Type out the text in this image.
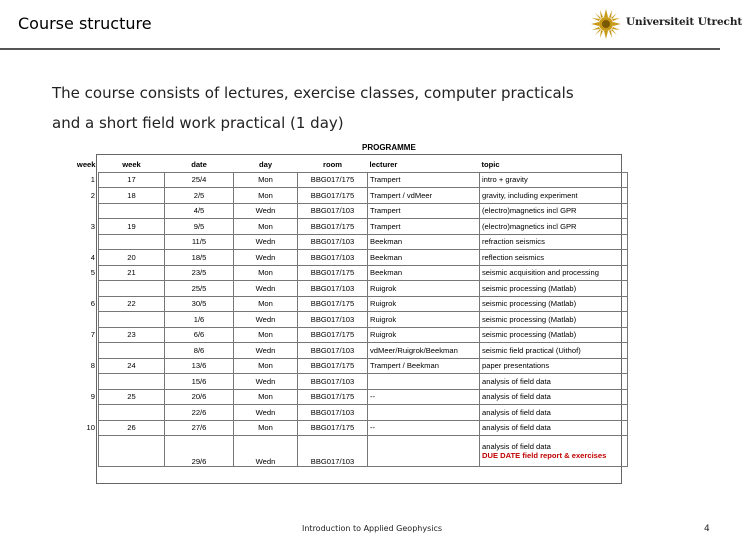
Course structure	Universiteit Utrecht
The course consists of lectures, exercise classes, computer practicals
and a short field work practical (1 day)
PROGRAMME
week	week	date	day	room	lecturer	topic
1	17	25/4	Mon	BBG017/175	Trampert	intro + gravity
2	18	2/5	Mon	BBG017/175	Trampert / vdMeer	gravity, including experiment
		4/5	Wedn	BBG017/103	Trampert	(electro)magnetics incl GPR
3	19	9/5	Mon	BBG017/175	Trampert	(electro)magnetics incl GPR
		11/5	Wedn	BBG017/103	Beekman	refraction seismics
4	20	18/5	Wedn	BBG017/103	Beekman	reflection seismics
5	21	23/5	Mon	BBG017/175	Beekman	seismic acquisition and processing
		25/5	Wedn	BBG017/103	Ruigrok	seismic processing (Matlab)
6	22	30/5	Mon	BBG017/175	Ruigrok	seismic processing (Matlab)
		1/6	Wedn	BBG017/103	Ruigrok	seismic processing (Matlab)
7	23	6/6	Mon	BBG017/175	Ruigrok	seismic processing (Matlab)
		8/6	Wedn	BBG017/103	vdMeer/Ruigrok/Beekman	seismic field practical (Uithof)
8	24	13/6	Mon	BBG017/175	Trampert / Beekman	paper presentations
		15/6	Wedn	BBG017/103		analysis of field data
9	25	20/6	Mon	BBG017/175	--	analysis of field data
		22/6	Wedn	BBG017/103		analysis of field data
10	26	27/6	Mon	BBG017/175	--	analysis of field data
		29/6	Wedn	BBG017/103		analysis of field data
DUE DATE field report & exercises
Introduction to Applied Geophysics	4
